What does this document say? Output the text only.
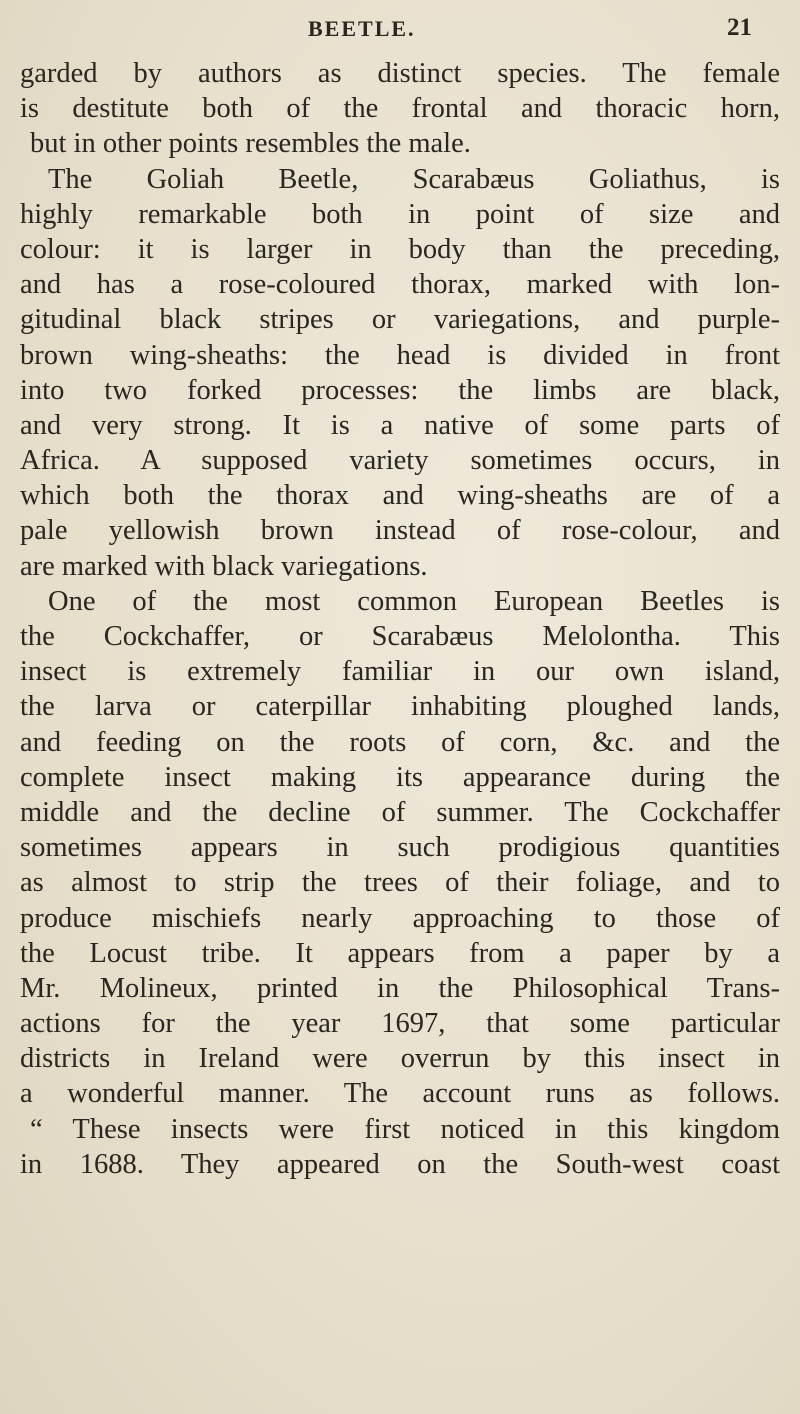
BEETLE.	21
garded by authors as distinct species. The female
is destitute both of the frontal and thoracic horn,
but in other points resembles the male.
The Goliah Beetle, Scarabæus Goliathus, is
highly remarkable both in point of size and
colour: it is larger in body than the preceding,
and has a rose-coloured thorax, marked with lon-
gitudinal black stripes or variegations, and purple-
brown wing-sheaths: the head is divided in front
into two forked processes: the limbs are black,
and very strong. It is a native of some parts of
Africa. A supposed variety sometimes occurs, in
which both the thorax and wing-sheaths are of a
pale yellowish brown instead of rose-colour, and
are marked with black variegations.
One of the most common European Beetles is
the Cockchaffer, or Scarabæus Melolontha. This
insect is extremely familiar in our own island,
the larva or caterpillar inhabiting ploughed lands,
and feeding on the roots of corn, &c. and the
complete insect making its appearance during the
middle and the decline of summer. The Cockchaffer
sometimes appears in such prodigious quantities
as almost to strip the trees of their foliage, and to
produce mischiefs nearly approaching to those of
the Locust tribe. It appears from a paper by a
Mr. Molineux, printed in the Philosophical Trans-
actions for the year 1697, that some particular
districts in Ireland were overrun by this insect in
a wonderful manner. The account runs as follows.
“ These insects were first noticed in this kingdom
in 1688. They appeared on the South-west coast
